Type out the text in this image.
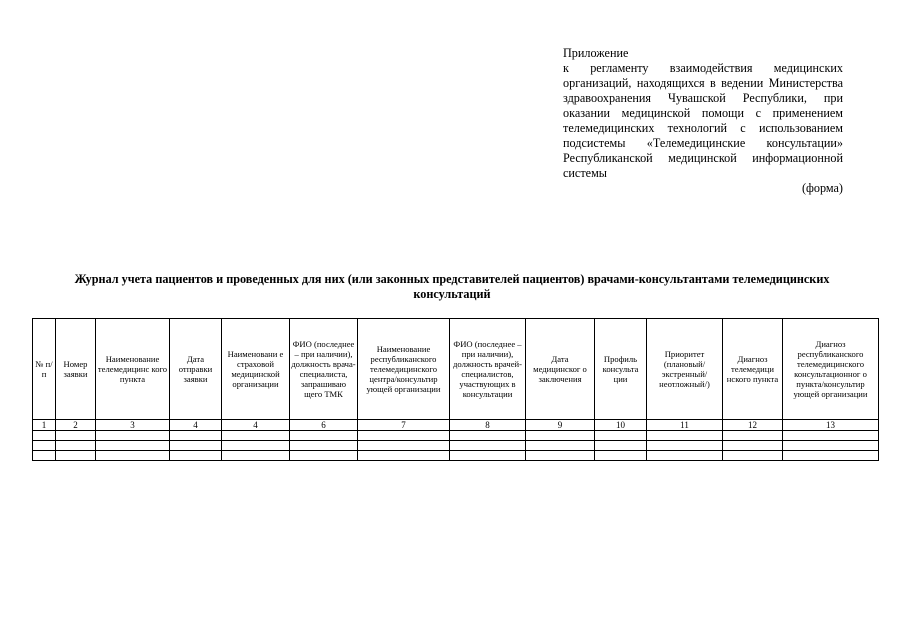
Приложение
к регламенту взаимодействия медицинских организаций, находящихся в ведении Министерства здравоохранения Чувашской Республики, при оказании медицинской помощи с применением телемедицинских технологий с использованием подсистемы «Телемедицинские консультации» Республиканской медицинской информационной системы
(форма)
Журнал учета пациентов и проведенных для них (или законных представителей пациентов) врачами-консультантами телемедицинских консультаций
№ п/п	Номер заявки	Наименование телемедицинс кого пункта	Дата отправки заявки	Наименовани е страховой медицинской организации	ФИО (последнее – при наличии), должность врача-специалиста, запрашиваю щего ТМК	Наименование республиканского телемедицинского центра/консультир ующей организации	ФИО (последнее – при наличии), должность врачей-специалистов, участвующих в консультации	Дата медицинског о заключения	Профиль консульта ции	Приоритет (плановый/ экстренный/ неотложный/)	Диагноз телемедици нского пункта	Диагноз республиканского телемедицинского консультационног о пункта/консультир ующей организации
1	2	3	4	4	6	7	8	9	10	11	12	13
